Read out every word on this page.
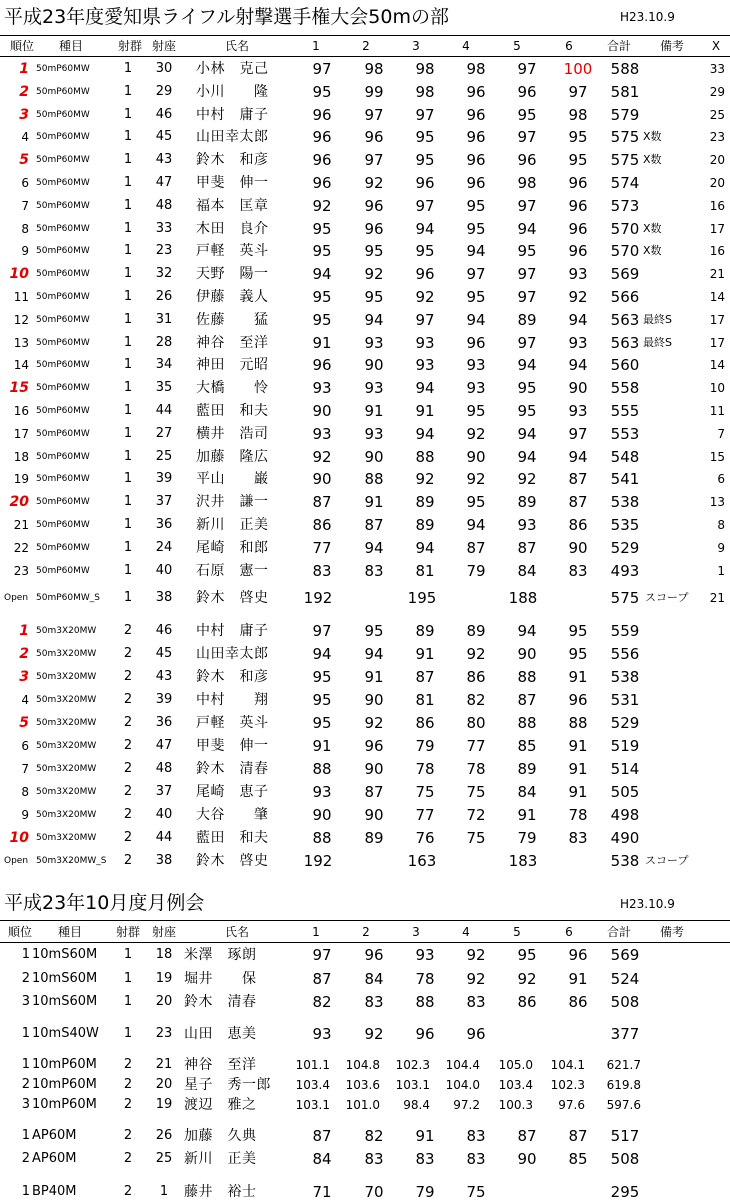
平成23年度愛知県ライフル射撃選手権大会50mの部	H23.10.9
順位 種目	射群 射座	氏名	1	2	3	4	5	6	合計 備考 X
1 50mP60MW	1 30 小林　克己	97 98 98 98 97 100 588	33
2 50mP60MW	1 29 小川　　隆	95 99 98 96 96 97 581	29
3 50mP60MW	1 46 中村　庸子	96 97 97 96 95 98 579	25
4 50mP60MW	1 45 山田幸太郎	96 96 95 96 97 95 575 X数	23
5 50mP60MW	1 43 鈴木　和彦	96 97 95 96 96 95 575 X数	20
6 50mP60MW	1 47 甲斐　伸一	96 92 96 96 98 96 574	20
7 50mP60MW	1 48 福本　匡章	92 96 97 95 97 96 573	16
8 50mP60MW	1 33 木田　良介	95 96 94 95 94 96 570 X数	17
9 50mP60MW	1 23 戸軽　英斗	95 95 95 94 95 96 570 X数	16
10 50mP60MW	1 32 天野　陽一	94 92 96 97 97 93 569	21
11 50mP60MW	1 26 伊藤　義人	95 95 92 95 97 92 566	14
12 50mP60MW	1 31 佐藤　　猛	95 94 97 94 89 94 563 最終S	17
13 50mP60MW	1 28 神谷　至洋	91 93 93 96 97 93 563 最終S	17
14 50mP60MW	1 34 神田　元昭	96 90 93 93 94 94 560	14
15 50mP60MW	1 35 大橋　　怜	93 93 94 93 95 90 558	10
16 50mP60MW	1 44 藍田　和夫	90 91 91 95 95 93 555	11
17 50mP60MW	1 27 横井　浩司	93 93 94 92 94 97 553	7
18 50mP60MW	1 25 加藤　隆広	92 90 88 90 94 94 548	15
19 50mP60MW	1 39 平山　　巌	90 88 92 92 92 87 541	6
20 50mP60MW	1 37 沢井　謙一	87 91 89 95 89 87 538	13
21 50mP60MW	1 36 新川　正美	86 87 89 94 93 86 535	8
22 50mP60MW	1 24 尾崎　和郎	77 94 94 87 87 90 529	9
23 50mP60MW	1 40 石原　憲一	83 83 81 79 84 83 493	1
Open 50mP60MW_S 1 38 鈴木　啓史 192	195	188	575 スコープ 21
1 50m3X20MW 2 46 中村　庸子	97 95 89 89 94 95 559
2 50m3X20MW 2 45 山田幸太郎	94 94 91 92 90 95 556
3 50m3X20MW 2 43 鈴木　和彦	95 91 87 86 88 91 538
4 50m3X20MW 2 39 中村　　翔	95 90 81 82 87 96 531
5 50m3X20MW 2 36 戸軽　英斗	95 92 86 80 88 88 529
6 50m3X20MW 2 47 甲斐　伸一	91 96 79 77 85 91 519
7 50m3X20MW 2 48 鈴木　清春	88 90 78 78 89 91 514
8 50m3X20MW 2 37 尾崎　恵子	93 87 75 75 84 91 505
9 50m3X20MW 2 40 大谷　　肇	90 90 77 72 91 78 498
10 50m3X20MW 2 44 藍田　和夫	88 89 76 75 79 83 490
Open 50m3X20MW_S 2 38 鈴木　啓史 192	163	183	538 スコープ
平成23年10月度月例会	H23.10.9
順位 種目	射群 射座	氏名	1	2	3	4	5	6	合計 備考
1 10mS60M 1 18 米澤　琢朗	97 96 93 92 95 96 569
2 10mS60M 1 19 堀井　　保	87 84 78 92 92 91 524
3 10mS60M 1 20 鈴木　清春	82 83 88 83 86 86 508
1 10mS40W 1 23 山田　恵美	93 92 96 96	377
1 10mP60M 2 21 神谷　至洋	101.1 104.8 102.3 104.4 105.0 104.1 621.7
2 10mP60M 2 20 星子　秀一郎 103.4 103.6 103.1 104.0 103.4 102.3 619.8
3 10mP60M 2 19 渡辺　雅之	103.1 101.0 98.4 97.2 100.3 97.6 597.6
1 AP60M	2 26 加藤　久典	87 82 91 83 87 87 517
2 AP60M	2 25 新川　正美	84 83 83 83 90 85 508
1 BP40M	2 1 藤井　裕士	71 70 79 75	295
